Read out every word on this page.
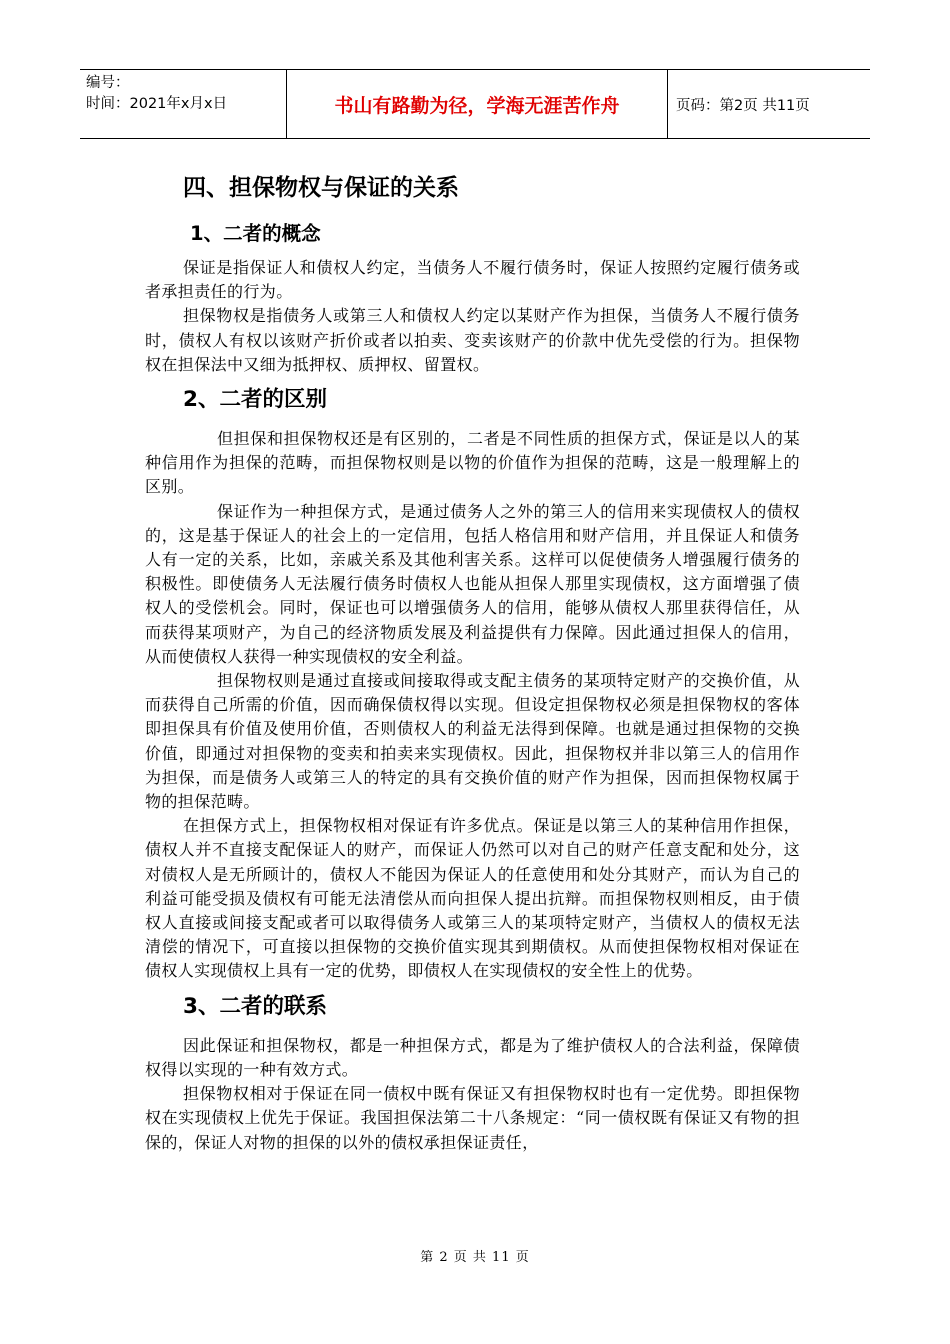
编号：
时间：2021年x月x日	书山有路勤为径，学海无涯苦作舟	页码：第2页 共11页
四、担保物权与保证的关系
1、二者的概念

保证是指保证人和债权人约定，当债务人不履行债务时，保证人按照约定履行债务或者承担责任的行为。

担保物权是指债务人或第三人和债权人约定以某财产作为担保，当债务人不履行债务时，债权人有权以该财产折价或者以拍卖、变卖该财产的价款中优先受偿的行为。担保物权在担保法中又细为抵押权、质押权、留置权。

2、二者的区别

但担保和担保物权还是有区别的，二者是不同性质的担保方式，保证是以人的某种信用作为担保的范畴，而担保物权则是以物的价值作为担保的范畴，这是一般理解上的区别。

保证作为一种担保方式，是通过债务人之外的第三人的信用来实现债权人的债权的，这是基于保证人的社会上的一定信用，包括人格信用和财产信用，并且保证人和债务人有一定的关系，比如，亲戚关系及其他利害关系。这样可以促使债务人增强履行债务的积极性。即使债务人无法履行债务时债权人也能从担保人那里实现债权，这方面增强了债权人的受偿机会。同时，保证也可以增强债务人的信用，能够从债权人那里获得信任，从而获得某项财产，为自己的经济物质发展及利益提供有力保障。因此通过担保人的信用，从而使债权人获得一种实现债权的安全利益。

担保物权则是通过直接或间接取得或支配主债务的某项特定财产的交换价值，从而获得自己所需的价值，因而确保债权得以实现。但设定担保物权必须是担保物权的客体即担保具有价值及使用价值，否则债权人的利益无法得到保障。也就是通过担保物的交换价值，即通过对担保物的变卖和拍卖来实现债权。因此，担保物权并非以第三人的信用作为担保，而是债务人或第三人的特定的具有交换价值的财产作为担保，因而担保物权属于物的担保范畴。

在担保方式上，担保物权相对保证有许多优点。保证是以第三人的某种信用作担保，债权人并不直接支配保证人的财产，而保证人仍然可以对自己的财产任意支配和处分，这对债权人是无所顾计的，债权人不能因为保证人的任意使用和处分其财产，而认为自己的利益可能受损及债权有可能无法清偿从而向担保人提出抗辩。而担保物权则相反，由于债权人直接或间接支配或者可以取得债务人或第三人的某项特定财产，当债权人的债权无法清偿的情况下，可直接以担保物的交换价值实现其到期债权。从而使担保物权相对保证在债权人实现债权上具有一定的优势，即债权人在实现债权的安全性上的优势。

3、二者的联系

因此保证和担保物权，都是一种担保方式，都是为了维护债权人的合法利益，保障债权得以实现的一种有效方式。

担保物权相对于保证在同一债权中既有保证又有担保物权时也有一定优势。即担保物权在实现债权上优先于保证。我国担保法第二十八条规定：“同一债权既有保证又有物的担保的，保证人对物的担保的以外的债权承担保证责任，

第 2 页 共 11 页
